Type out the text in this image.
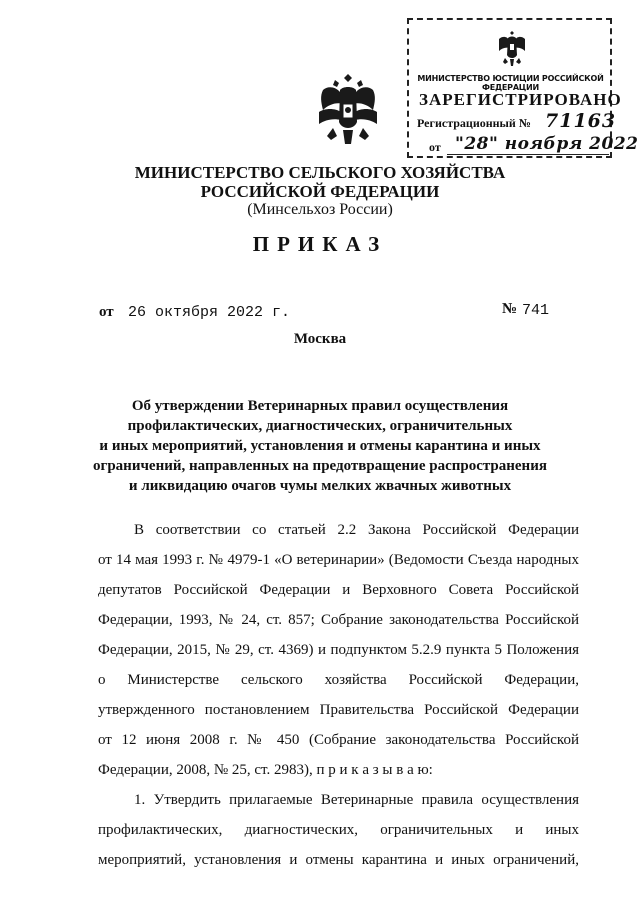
МИНИСТЕРСТВО ЮСТИЦИИ РОССИЙСКОЙ ФЕДЕРАЦИИ
ЗАРЕГИСТРИРОВАНО
Регистрационный № 71163
от "28" ноября 2022
МИНИСТЕРСТВО СЕЛЬСКОГО ХОЗЯЙСТВА
РОССИЙСКОЙ ФЕДЕРАЦИИ
(Минсельхоз России)
ПРИКАЗ
от 26 октября 2022 г.	№ 741
Москва
Об утверждении Ветеринарных правил осуществления
профилактических, диагностических, ограничительных
и иных мероприятий, установления и отмены карантина и иных
ограничений, направленных на предотвращение распространения
и ликвидацию очагов чумы мелких жвачных животных
В соответствии со статьей 2.2 Закона Российской Федерации
от 14 мая 1993 г. № 4979-1 «О ветеринарии» (Ведомости Съезда народных
депутатов Российской Федерации и Верховного Совета Российской
Федерации, 1993, № 24, ст. 857; Собрание законодательства Российской
Федерации, 2015, № 29, ст. 4369) и подпунктом 5.2.9 пункта 5 Положения
о Министерстве сельского хозяйства Российской Федерации,
утвержденного постановлением Правительства Российской Федерации
от 12 июня 2008 г. № 450 (Собрание законодательства Российской
Федерации, 2008, № 25, ст. 2983), п р и к а з ы в а ю:
1. Утвердить прилагаемые Ветеринарные правила осуществления
профилактических, диагностических, ограничительных и иных
мероприятий, установления и отмены карантина и иных ограничений,
